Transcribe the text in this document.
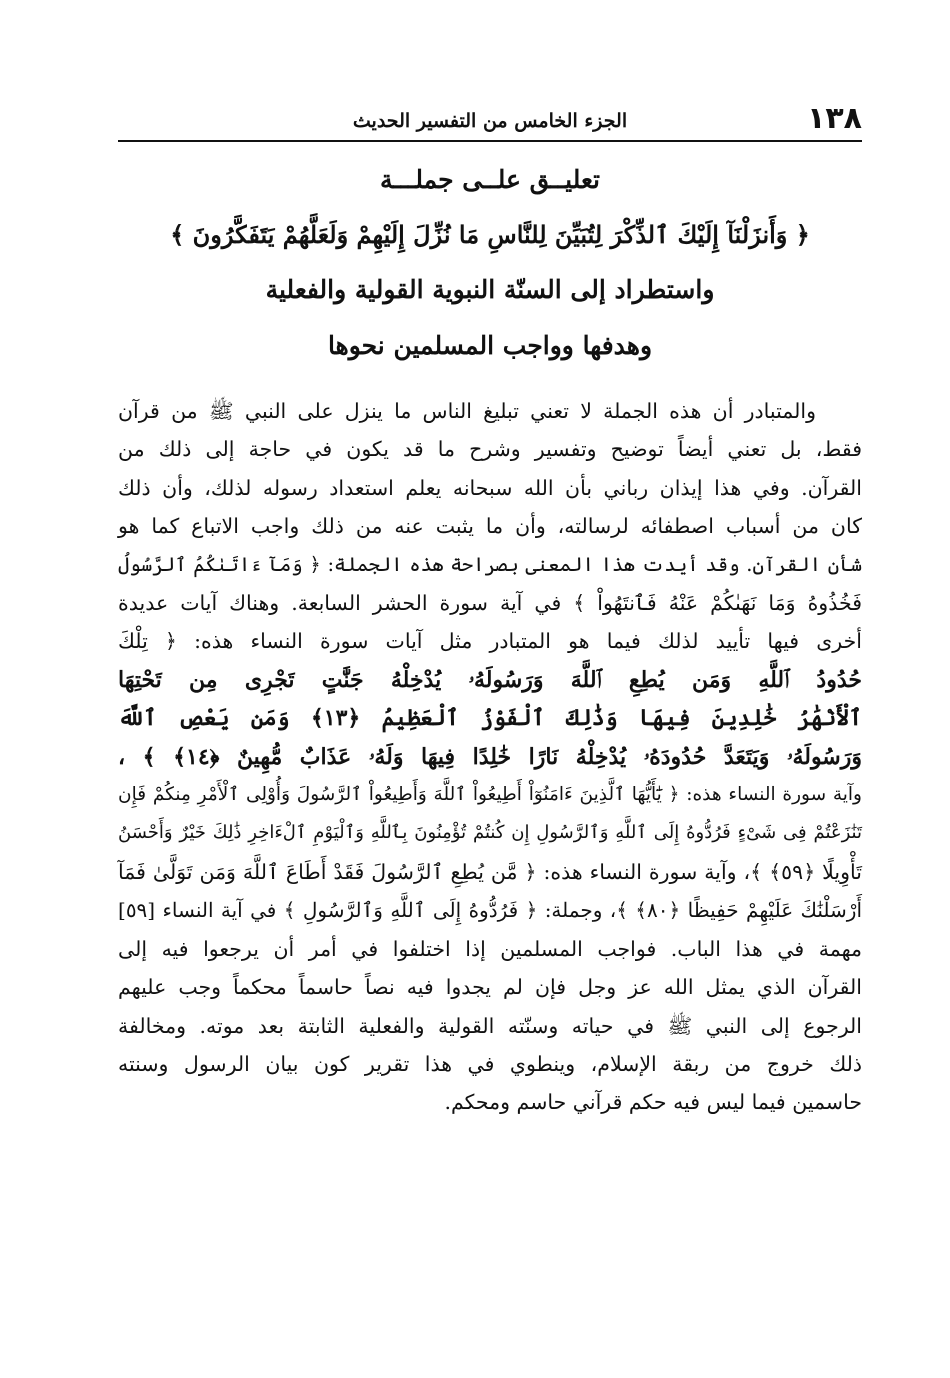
١٣٨
الجزء الخامس من التفسير الحديث
تعليــق علــى جملـــة
﴿ وَأَنزَلْنَآ إِلَيْكَ ٱلذِّكْرَ لِتُبَيِّنَ لِلنَّاسِ مَا نُزِّلَ إِلَيْهِمْ وَلَعَلَّهُمْ يَتَفَكَّرُونَ ﴾
واستطراد إلى السنّة النبوية القولية والفعلية
وهدفها وواجب المسلمين نحوها
والمتبادر أن هذه الجملة لا تعني تبليغ الناس ما ينزل على النبي ﷺ من قرآن
فقط، بل تعني أيضاً توضيح وتفسير وشرح ما قد يكون في حاجة إلى ذلك من
القرآن. وفي هذا إيذان رباني بأن الله سبحانه يعلم استعداد رسوله لذلك، وأن ذلك
كان من أسباب اصطفائه لرسالته، وأن ما يثبت عنه من ذلك واجب الاتباع كما هو
شأن القرآن. وقد أيدت هذا المعنى بصراحة هذه الجملة: ﴿ وَمَآ ءَاتَىٰكُمُ ٱلرَّسُولُ
فَخُذُوهُ وَمَا نَهَىٰكُمْ عَنْهُ فَٱنتَهُواْ ﴾ في آية سورة الحشر السابعة. وهناك آيات عديدة
أخرى فيها تأييد لذلك فيما هو المتبادر مثل آيات سورة النساء هذه: ﴿ تِلْكَ
حُدُودُ ٱللَّهِ وَمَن يُطِعِ ٱللَّهَ وَرَسُولَهُۥ يُدْخِلْهُ جَنَّٰتٍ تَجْرِى مِن تَحْتِهَا
ٱلْأَنْهَٰرُ خَٰلِدِينَ فِيهَا وَذَٰلِكَ ٱلْفَوْزُ ٱلْعَظِيمُ ﴿١٣﴾ وَمَن يَعْصِ ٱللَّهَ
وَرَسُولَهُۥ وَيَتَعَدَّ حُدُودَهُۥ يُدْخِلْهُ نَارًا خَٰلِدًا فِيهَا وَلَهُۥ عَذَابٌ مُّهِينٌ ﴿١٤﴾ ﴾ ،
وآية سورة النساء هذه: ﴿ يَٰٓأَيُّهَا ٱلَّذِينَ ءَامَنُوٓاْ أَطِيعُواْ ٱللَّهَ وَأَطِيعُواْ ٱلرَّسُولَ وَأُوْلِى ٱلْأَمْرِ مِنكُمْ فَإِن
تَنَٰزَعْتُمْ فِى شَىْءٍ فَرُدُّوهُ إِلَى ٱللَّهِ وَٱلرَّسُولِ إِن كُنتُمْ تُؤْمِنُونَ بِٱللَّهِ وَٱلْيَوْمِ ٱلْءَاخِرِ ذَٰلِكَ خَيْرٌ وَأَحْسَنُ
تَأْوِيلًا ﴿٥٩﴾ ﴾، وآية سورة النساء هذه: ﴿ مَّن يُطِعِ ٱلرَّسُولَ فَقَدْ أَطَاعَ ٱللَّهَ وَمَن تَوَلَّىٰ فَمَآ
أَرْسَلْنَٰكَ عَلَيْهِمْ حَفِيظًا ﴿٨٠﴾ ﴾، وجملة: ﴿ فَرُدُّوهُ إِلَى ٱللَّهِ وَٱلرَّسُولِ ﴾ في آية النساء [٥٩]
مهمة في هذا الباب. فواجب المسلمين إذا اختلفوا في أمر أن يرجعوا فيه إلى
القرآن الذي يمثل الله عز وجل فإن لم يجدوا فيه نصاً حاسماً محكماً وجب عليهم
الرجوع إلى النبي ﷺ في حياته وسنّته القولية والفعلية الثابتة بعد موته. ومخالفة
ذلك خروج من ربقة الإسلام، وينطوي في هذا تقرير كون بيان الرسول وسنته
حاسمين فيما ليس فيه حكم قرآني حاسم ومحكم.
